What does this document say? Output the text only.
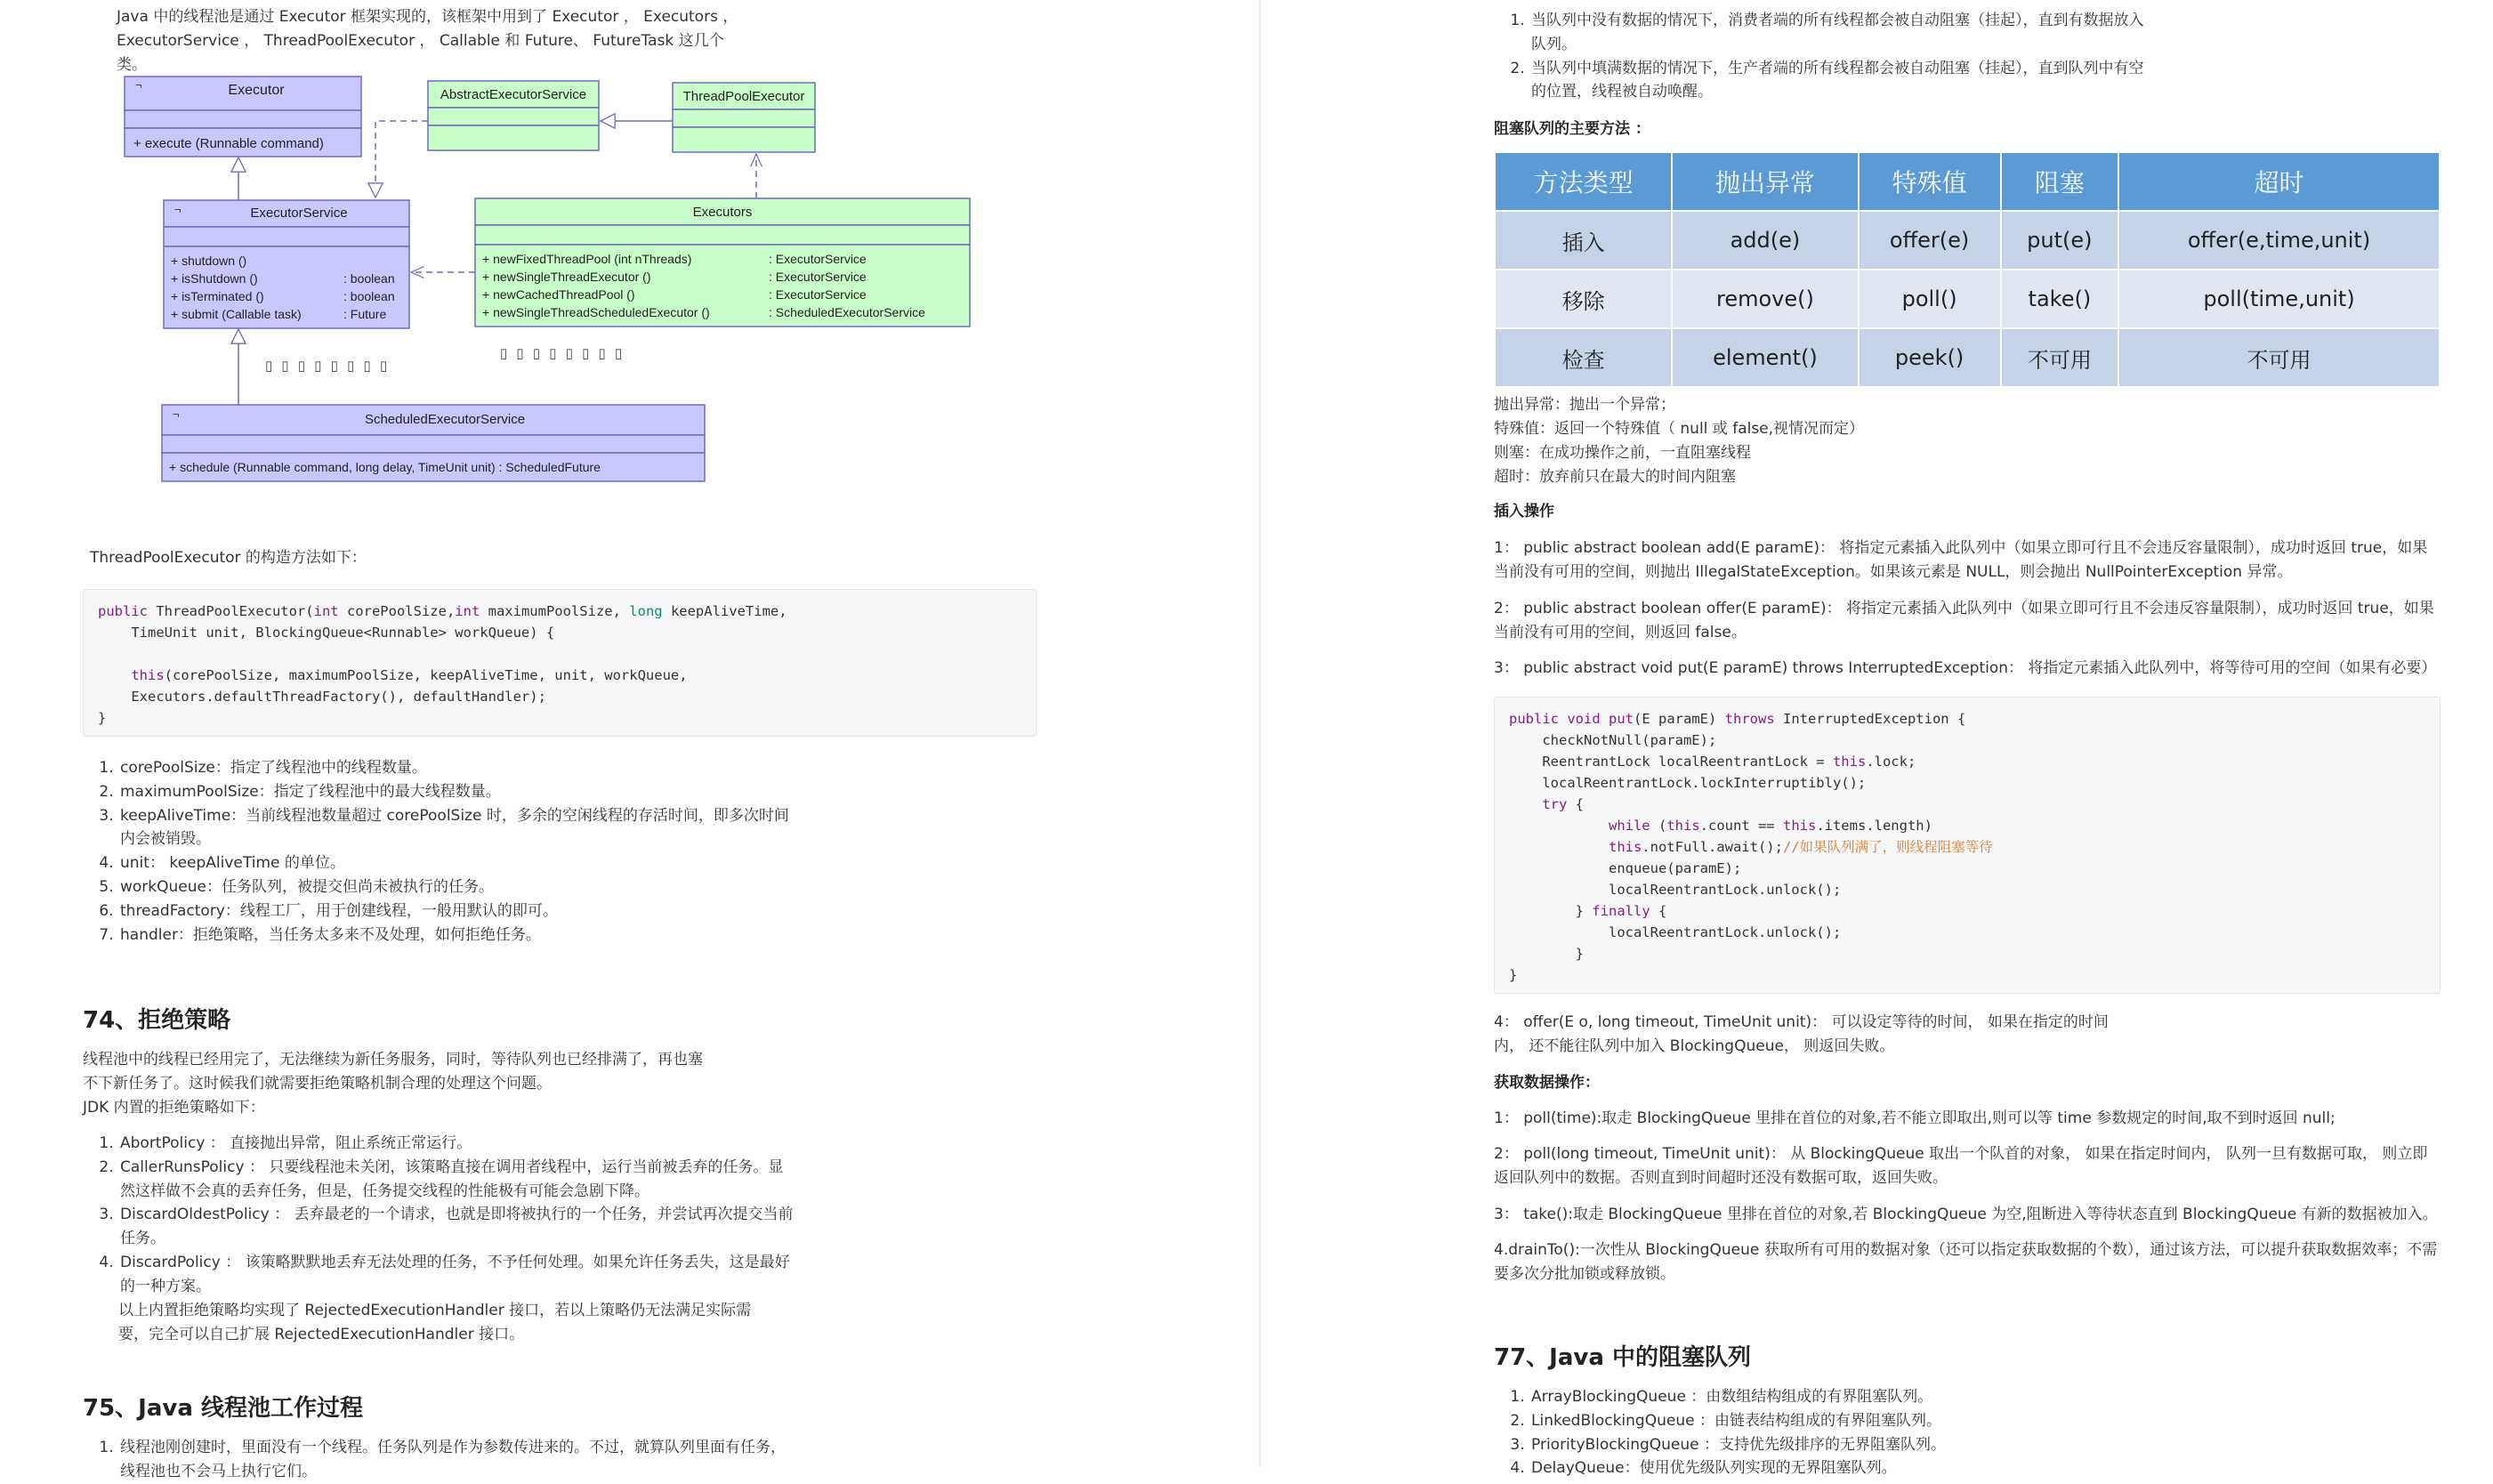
Java 中的线程池是通过 Executor 框架实现的，该框架中用到了 Executor ， Executors ， ExecutorService ， ThreadPoolExecutor ， Callable 和 Future、 FutureTask 这几个类。
¬	Executor
+ execute (Runnable command)
AbstractExecutorService	ThreadPoolExecutor
¬	ExecutorService
+ shutdown ()
+ isShutdown ()	: boolean
+ isTerminated ()	: boolean
+ submit (Callable task)	: Future
Executors
+ newFixedThreadPool (int nThreads)	: ExecutorService
+ newSingleThreadExecutor ()	: ExecutorService
+ newCachedThreadPool ()	: ExecutorService
+ newSingleThreadScheduledExecutor ()	: ScheduledExecutorService
¬	ScheduledExecutorService
+ schedule (Runnable command, long delay, TimeUnit unit) : ScheduledFuture
▯ ▯ ▯ ▯ ▯ ▯ ▯ ▯
▯ ▯ ▯ ▯ ▯ ▯ ▯ ▯
ThreadPoolExecutor 的构造方法如下：
public ThreadPoolExecutor(int corePoolSize,int maximumPoolSize, long keepAliveTime,
TimeUnit unit, BlockingQueue<Runnable> workQueue) {

this(corePoolSize, maximumPoolSize, keepAliveTime, unit, workQueue,
Executors.defaultThreadFactory(), defaultHandler);
}
1. corePoolSize：指定了线程池中的线程数量。
2. maximumPoolSize：指定了线程池中的最大线程数量。
3. keepAliveTime：当前线程池数量超过 corePoolSize 时，多余的空闲线程的存活时间，即多次时间内会被销毁。
4. unit： keepAliveTime 的单位。
5. workQueue：任务队列，被提交但尚未被执行的任务。
6. threadFactory：线程工厂，用于创建线程，一般用默认的即可。
7. handler：拒绝策略，当任务太多来不及处理，如何拒绝任务。
74、拒绝策略
线程池中的线程已经用完了，无法继续为新任务服务，同时，等待队列也已经排满了，再也塞不下新任务了。这时候我们就需要拒绝策略机制合理的处理这个问题。
JDK 内置的拒绝策略如下：
1. AbortPolicy ： 直接抛出异常，阻止系统正常运行。
2. CallerRunsPolicy ： 只要线程池未关闭，该策略直接在调用者线程中，运行当前被丢弃的任务。显然这样做不会真的丢弃任务，但是，任务提交线程的性能极有可能会急剧下降。
3. DiscardOldestPolicy ： 丢弃最老的一个请求，也就是即将被执行的一个任务，并尝试再次提交当前任务。
4. DiscardPolicy ： 该策略默默地丢弃无法处理的任务，不予任何处理。如果允许任务丢失，这是最好的一种方案。
以上内置拒绝策略均实现了 RejectedExecutionHandler 接口，若以上策略仍无法满足实际需要，完全可以自己扩展 RejectedExecutionHandler 接口。
75、Java 线程池工作过程
1. 线程池刚创建时，里面没有一个线程。任务队列是作为参数传进来的。不过，就算队列里面有任务，线程池也不会马上执行它们。
1. 当队列中没有数据的情况下，消费者端的所有线程都会被自动阻塞（挂起），直到有数据放入队列。
2. 当队列中填满数据的情况下，生产者端的所有线程都会被自动阻塞（挂起），直到队列中有空的位置，线程被自动唤醒。
阻塞队列的主要方法 ：
方法类型	抛出异常	特殊值	阻塞	超时
插入	add(e)	offer(e)	put(e)	offer(e,time,unit)
移除	remove()	poll()	take()	poll(time,unit)
检查	element()	peek()	不可用	不可用
抛出异常：抛出一个异常；
特殊值：返回一个特殊值（ null 或 false,视情况而定）
则塞：在成功操作之前，一直阻塞线程
超时：放弃前只在最大的时间内阻塞
插入操作
1： public abstract boolean add(E paramE)： 将指定元素插入此队列中（如果立即可行且不会违反容量限制），成功时返回 true，如果当前没有可用的空间，则抛出 IllegalStateException。如果该元素是 NULL，则会抛出 NullPointerException 异常。
2： public abstract boolean offer(E paramE)： 将指定元素插入此队列中（如果立即可行且不会违反容量限制），成功时返回 true，如果当前没有可用的空间，则返回 false。
3： public abstract void put(E paramE) throws InterruptedException： 将指定元素插入此队列中，将等待可用的空间（如果有必要）
public void put(E paramE) throws InterruptedException {
checkNotNull(paramE);
ReentrantLock localReentrantLock = this.lock;
localReentrantLock.lockInterruptibly();
try {
while (this.count == this.items.length)
this.notFull.await();//如果队列满了，则线程阻塞等待
enqueue(paramE);
localReentrantLock.unlock();
} finally {
localReentrantLock.unlock();
}
}
4： offer(E o, long timeout, TimeUnit unit)： 可以设定等待的时间， 如果在指定的时间内， 还不能往队列中加入 BlockingQueue， 则返回失败。
获取数据操作：
1： poll(time):取走 BlockingQueue 里排在首位的对象,若不能立即取出,则可以等 time 参数规定的时间,取不到时返回 null;
2： poll(long timeout, TimeUnit unit)： 从 BlockingQueue 取出一个队首的对象， 如果在指定时间内， 队列一旦有数据可取， 则立即返回队列中的数据。否则直到时间超时还没有数据可取，返回失败。
3： take():取走 BlockingQueue 里排在首位的对象,若 BlockingQueue 为空,阻断进入等待状态直到 BlockingQueue 有新的数据被加入。
4.drainTo():一次性从 BlockingQueue 获取所有可用的数据对象（还可以指定获取数据的个数），通过该方法，可以提升获取数据效率；不需要多次分批加锁或释放锁。
77、Java 中的阻塞队列
1. ArrayBlockingQueue ：由数组结构组成的有界阻塞队列。
2. LinkedBlockingQueue ：由链表结构组成的有界阻塞队列。
3. PriorityBlockingQueue ：支持优先级排序的无界阻塞队列。
4. DelayQueue：使用优先级队列实现的无界阻塞队列。
